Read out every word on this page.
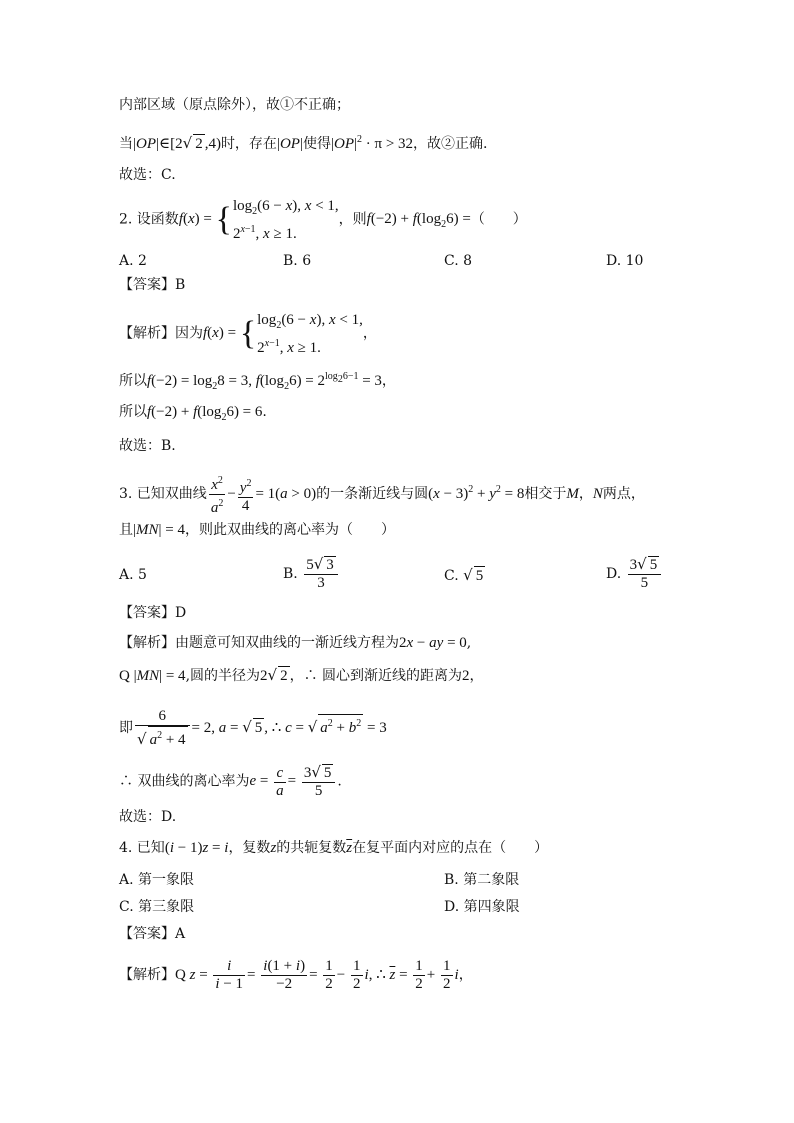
内部区域（原点除外），故①不正确；
当|OP|∈[2√ 2 ,4)时，存在|OP|使得$|OP|^2 \cdot \pi > 32$，故②正确.
故选：C.
2. 设函数f(x) = { $\log_2(6 - x)$, x < 1,
$2^{x-1}$, x ≥ 1.
，则$f(-2) + f(\log_26)$ =（　　）
A. 2	B. 6	C. 8	D. 10
【答案】B
【解析】因为f(x) = { $\log_2(6 - x)$, x < 1,
$2^{x-1}$, x ≥ 1.
，
所以$f(-2) = \log_28 = 3$, $f(\log_26) = 2^{log_26-1} = 3$，
所以$f(-2) + f(\log_26) = 6$.
故选：B.
3. 已知双曲线 $\frac{x^2}{a^2} - \frac{y^2}{4} = 1(a > 0)$的一条渐近线与圆$(x - 3)^2 + y^2 = 8$相交于M，N两点，
且|MN| = 4，则此双曲线的离心率为（　　）
A. 5	B. $\frac{5√ 3}{3}$	C. √ 5	D. $\frac{3√ 5}{5}$
【答案】D
【解析】由题意可知双曲线的一渐近线方程为2x − ay = 0,
Q |MN| = 4,圆的半径为2√ 2 ，∴ 圆心到渐近线的距离为2，
即 $\frac{6}{√ a^2 + 4} = 2$, a = √ 5 , ∴ c = √ $a^2 + b^2 = 3$
∴ 双曲线的离心率为$e = \frac{c}{a} = \frac{3√ 5}{5}$ .
故选：D.
4. 已知(i − 1)z = i，复数z的共轭复数$\overline{z}$在复平面内对应的点在（　　）
A. 第一象限	B. 第二象限
C. 第三象限	D. 第四象限
【答案】A
【解析】Q $z = \frac{i}{i - 1} = \frac{i(1 + i)}{-2} = \frac{1}{2} - \frac{1}{2} i$, ∴ $\overline{z} = \frac{1}{2} + \frac{1}{2}$ i，
